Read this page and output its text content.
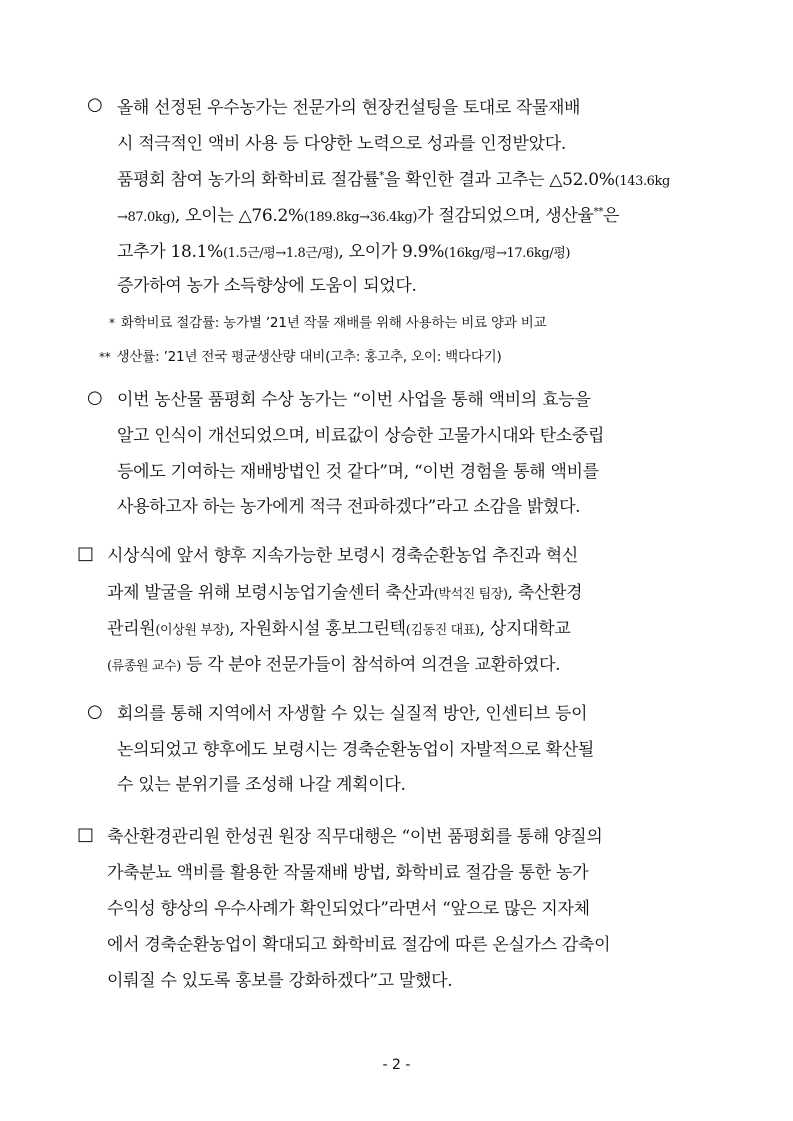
○ 올해 선정된 우수농가는 전문가의 현장컨설팅을 토대로 작물재배
시 적극적인 액비 사용 등 다양한 노력으로 성과를 인정받았다.
품평회 참여 농가의 화학비료 절감률*을 확인한 결과 고추는 △52.0%(143.6kg
→87.0kg), 오이는 △76.2%(189.8kg→36.4kg)가 절감되었으며, 생산율**은
고추가 18.1%(1.5근/평→1.8근/평), 오이가 9.9%(16kg/평→17.6kg/평)
증가하여 농가 소득향상에 도움이 되었다.
* 화학비료 절감률: 농가별 ’21년 작물 재배를 위해 사용하는 비료 양과 비교
** 생산률: ’21년 전국 평균생산량 대비(고추: 홍고추, 오이: 백다다기)
○ 이번 농산물 품평회 수상 농가는 “이번 사업을 통해 액비의 효능을
알고 인식이 개선되었으며, 비료값이 상승한 고물가시대와 탄소중립
등에도 기여하는 재배방법인 것 같다”며, “이번 경험을 통해 액비를
사용하고자 하는 농가에게 적극 전파하겠다”라고 소감을 밝혔다.
□ 시상식에 앞서 향후 지속가능한 보령시 경축순환농업 추진과 혁신
과제 발굴을 위해 보령시농업기술센터 축산과(박석진 팀장), 축산환경
관리원(이상원 부장), 자원화시설 홍보그린텍(김동진 대표), 상지대학교
(류종원 교수) 등 각 분야 전문가들이 참석하여 의견을 교환하였다.
○ 회의를 통해 지역에서 자생할 수 있는 실질적 방안, 인센티브 등이
논의되었고 향후에도 보령시는 경축순환농업이 자발적으로 확산될
수 있는 분위기를 조성해 나갈 계획이다.
□ 축산환경관리원 한성권 원장 직무대행은 “이번 품평회를 통해 양질의
가축분뇨 액비를 활용한 작물재배 방법, 화학비료 절감을 통한 농가
수익성 향상의 우수사례가 확인되었다”라면서 “앞으로 많은 지자체
에서 경축순환농업이 확대되고 화학비료 절감에 따른 온실가스 감축이
이뤄질 수 있도록 홍보를 강화하겠다”고 말했다.
- 2 -
